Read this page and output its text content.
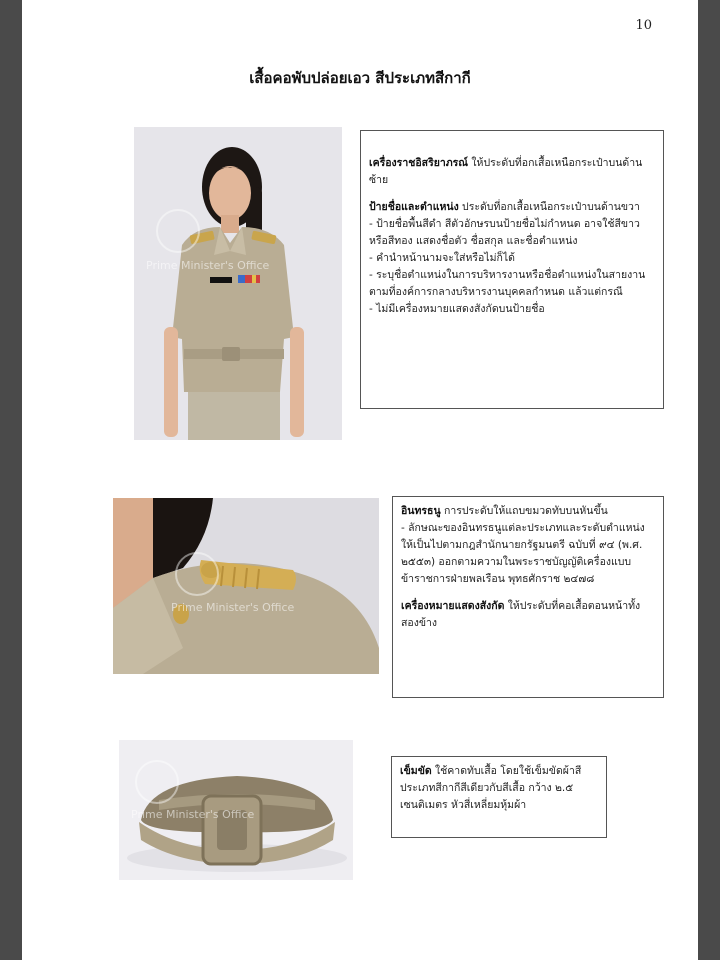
10
เสื้อคอพับปล่อยเอว สีประเภทสีกากี
Prime Minister's Office

เครื่องราชอิสริยาภรณ์ ให้ประดับที่อกเสื้อเหนือกระเป๋าบนด้านซ้าย

ป้ายชื่อและตำแหน่ง ประดับที่อกเสื้อเหนือกระเป๋าบนด้านขวา

- ป้ายชื่อพื้นสีดำ สีตัวอักษรบนป้ายชื่อไม่กำหนด อาจใช้สีขาวหรือสีทอง แสดงชื่อตัว ชื่อสกุล และชื่อตำแหน่ง
- คำนำหน้านามจะใส่หรือไม่ก็ได้
- ระบุชื่อตำแหน่งในการบริหารงานหรือชื่อตำแหน่งในสายงานตามที่องค์การกลางบริหารงานบุคคลกำหนด แล้วแต่กรณี
- ไม่มีเครื่องหมายแสดงสังกัดบนป้ายชื่อ
Prime Minister's Office

อินทรธนู การประดับให้แถบขมวดทับบนหันขึ้น
- ลักษณะของอินทรธนูแต่ละประเภทและระดับตำแหน่งให้เป็นไปตามกฎสำนักนายกรัฐมนตรี ฉบับที่ ๙๔ (พ.ศ. ๒๕๕๓) ออกตามความในพระราชบัญญัติเครื่องแบบข้าราชการฝ่ายพลเรือน พุทธศักราช ๒๔๗๘

เครื่องหมายแสดงสังกัด ให้ประดับที่คอเสื้อตอนหน้าทั้งสองข้าง

Prime Minister's Office

เข็มขัด ใช้คาดทับเสื้อ โดยใช้เข็มขัดผ้าสีประเภทสีกากีสีเดียวกับสีเสื้อ กว้าง ๒.๕ เซนติเมตร หัวสี่เหลี่ยมหุ้มผ้า
